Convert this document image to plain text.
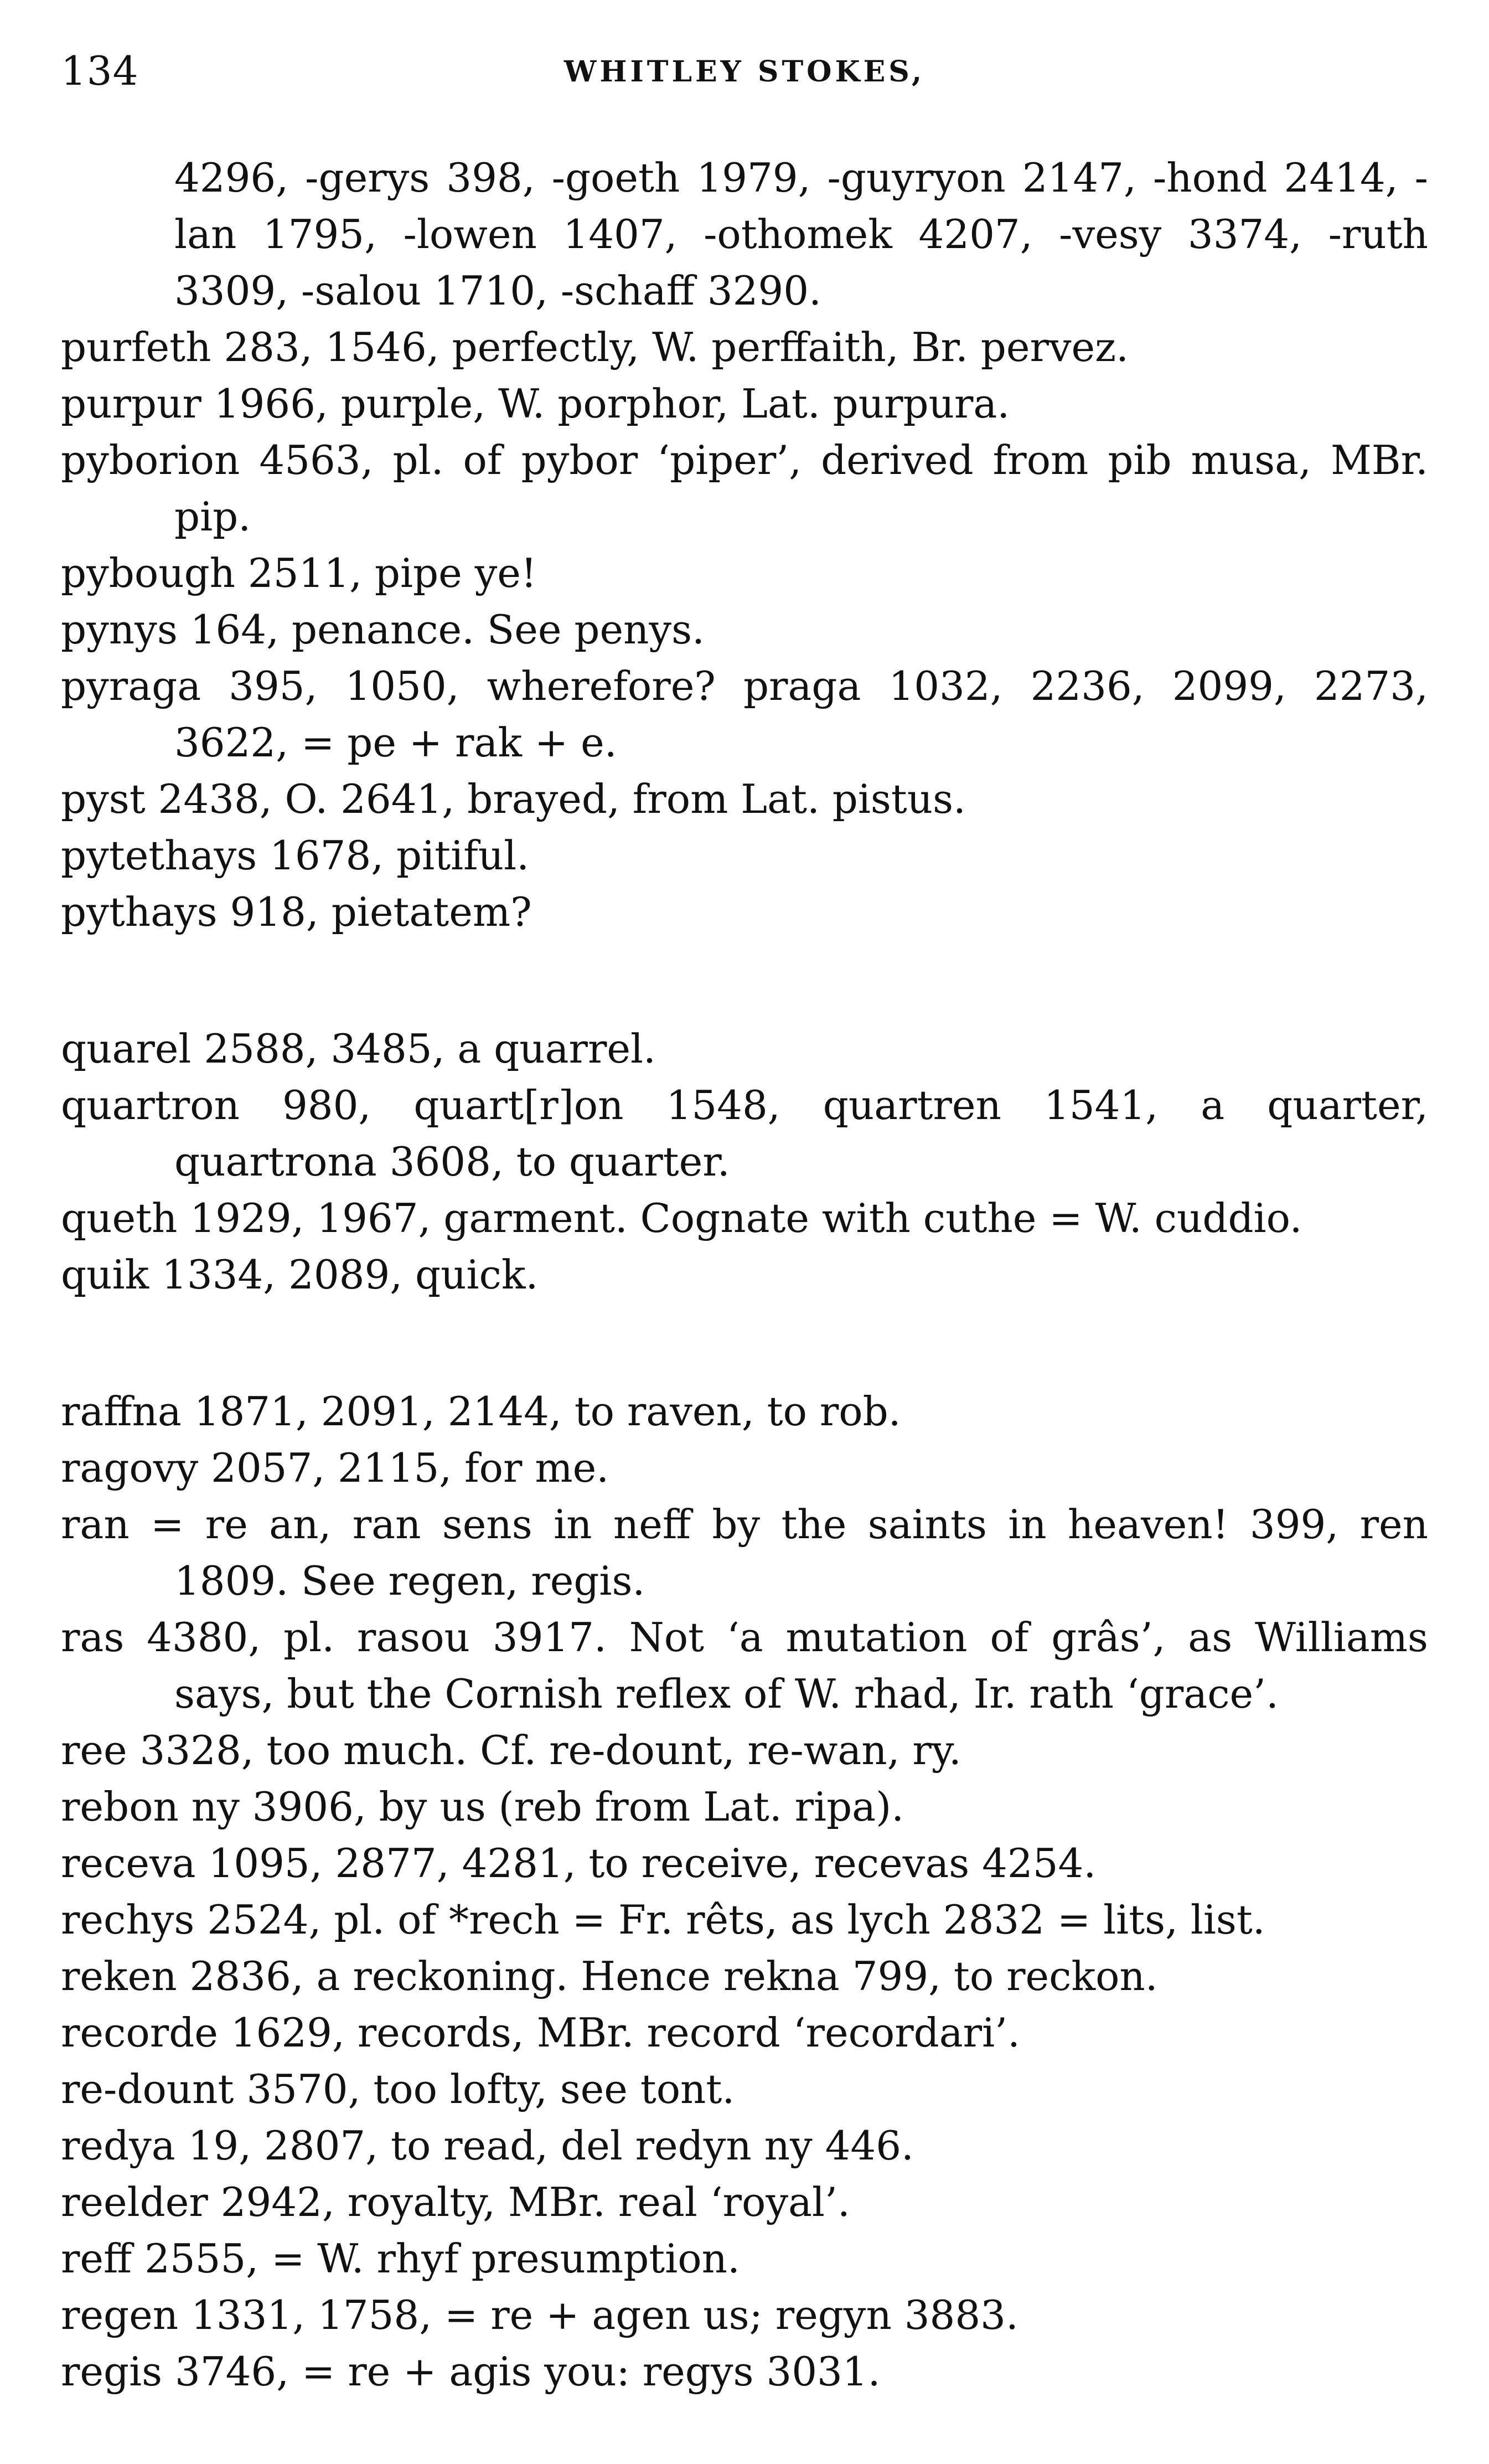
134	WHITLEY STOKES,

4296, -gerys 398, -goeth 1979, -guyryon 2147, -hond 2414, -lan 1795, -lowen 1407, -othomek 4207, -vesy 3374, -ruth 3309, -salou 1710, -schaff 3290.

purfeth 283, 1546, perfectly, W. perffaith, Br. pervez.

purpur 1966, purple, W. porphor, Lat. purpura.

pyborion 4563, pl. of pybor ‘piper’, derived from pib musa, MBr. pip.

pybough 2511, pipe ye!

pynys 164, penance. See penys.

pyraga 395, 1050, wherefore? praga 1032, 2236, 2099, 2273, 3622, = pe + rak + e.

pyst 2438, O. 2641, brayed, from Lat. pistus.

pytethays 1678, pitiful.

pythays 918, pietatem?

quarel 2588, 3485, a quarrel.

quartron 980, quart[r]on 1548, quartren 1541, a quarter, quartrona 3608, to quarter.

queth 1929, 1967, garment. Cognate with cuthe = W. cuddio.

quik 1334, 2089, quick.

raffna 1871, 2091, 2144, to raven, to rob.

ragovy 2057, 2115, for me.

ran = re an, ran sens in neff by the saints in heaven! 399, ren 1809. See regen, regis.

ras 4380, pl. rasou 3917. Not ‘a mutation of grâs’, as Williams says, but the Cornish reflex of W. rhad, Ir. rath ‘grace’.

ree 3328, too much. Cf. re-dount, re-wan, ry.

rebon ny 3906, by us (reb from Lat. ripa).

receva 1095, 2877, 4281, to receive, recevas 4254.

rechys 2524, pl. of *rech = Fr. rêts, as lych 2832 = lits, list.

reken 2836, a reckoning. Hence rekna 799, to reckon.

recorde 1629, records, MBr. record ‘recordari’.

re-dount 3570, too lofty, see tont.

redya 19, 2807, to read, del redyn ny 446.

reelder 2942, royalty, MBr. real ‘royal’.

reff 2555, = W. rhyf presumption.

regen 1331, 1758, = re + agen us; regyn 3883.

regis 3746, = re + agis you: regys 3031.
